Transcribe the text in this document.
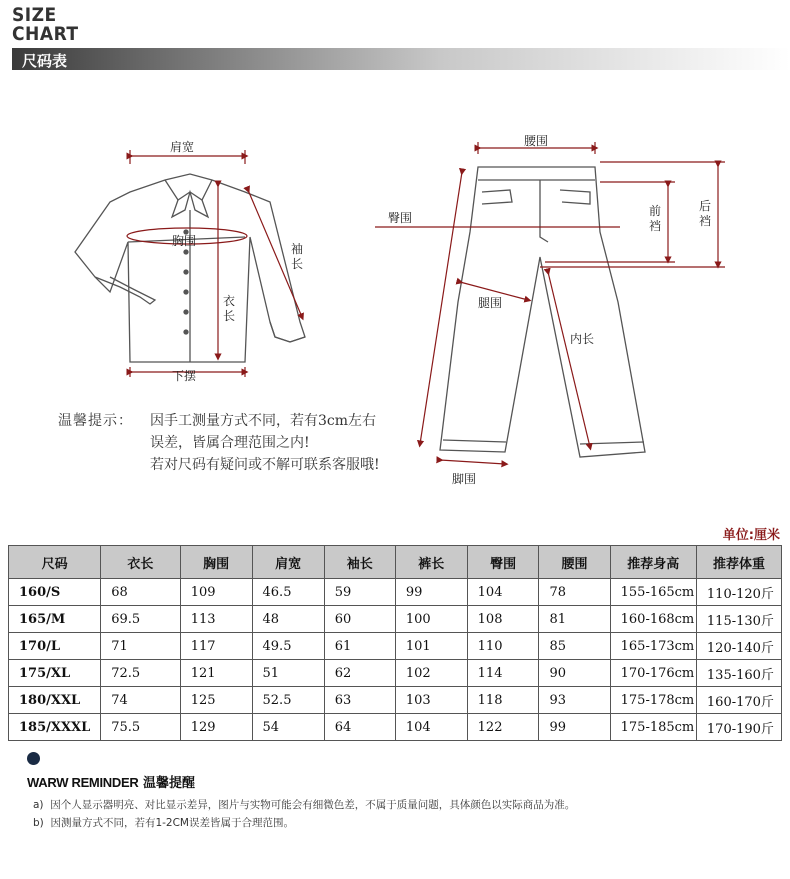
SIZE
CHART
尺码表
肩宽
胸围
袖长
衣长
下摆
腰围
臀围	前裆
后裆
腿围
内长
脚围
温馨提示： 因手工测量方式不同，若有3cm左右
误差，皆属合理范围之内!
若对尺码有疑问或不解可联系客服哦!
单位:厘米
尺码	衣长	胸围	肩宽	袖长	裤长	臀围	腰围	推荐身高	推荐体重
160/S	68	109	46.5	59	99	104	78	155-165cm	110-120斤
165/M	69.5	113	48	60	100	108	81	160-168cm	115-130斤
170/L	71	117	49.5	61	101	110	85	165-173cm	120-140斤
175/XL	72.5	121	51	62	102	114	90	170-176cm	135-160斤
180/XXL	74	125	52.5	63	103	118	93	175-178cm	160-170斤
185/XXXL	75.5	129	54	64	104	122	99	175-185cm	170-190斤
WARW REMINDER 温馨提醒
a) 因个人显示器明亮、对比显示差异，图片与实物可能会有细微色差，不属于质量问题，具体颜色以实际商品为准。
b) 因测量方式不同，若有1-2CM误差皆属于合理范围。
